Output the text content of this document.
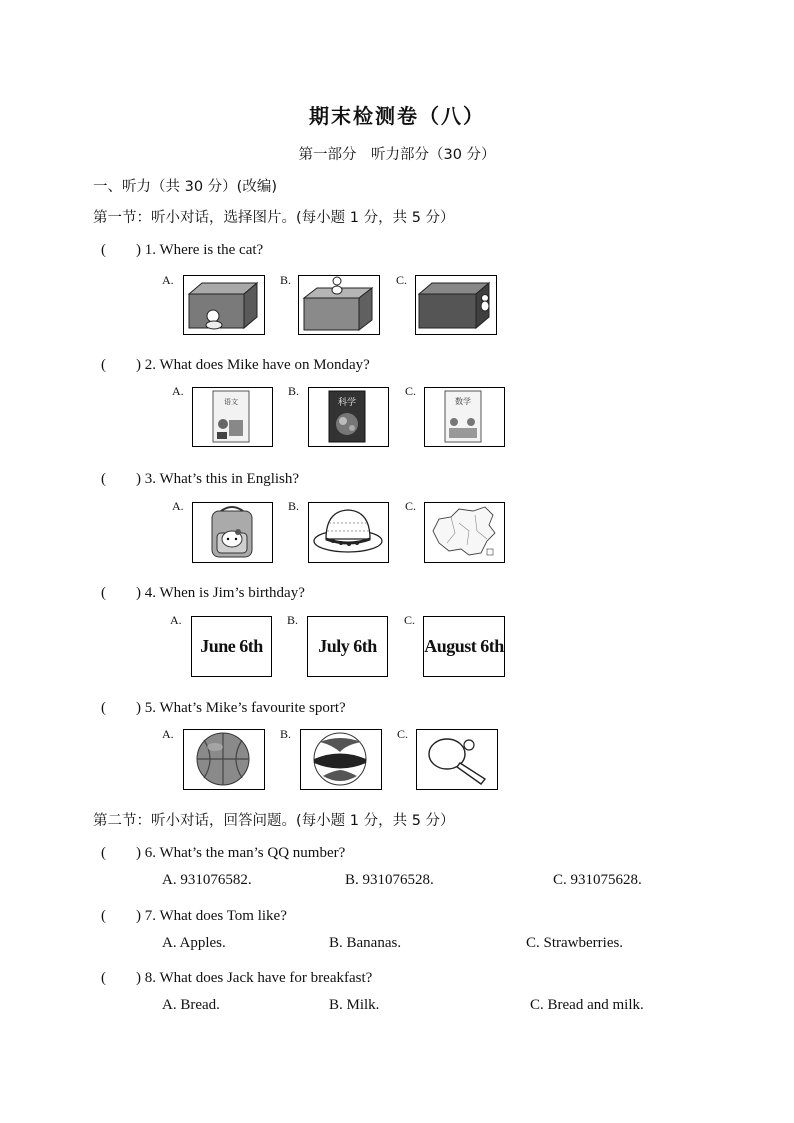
期末检测卷（八）
第一部分　听力部分（30 分）
一、听力（共 30 分）(改编)
第一节：听小对话，选择图片。(每小题 1 分，共 5 分）
(　　) 1. Where is the cat?
A.	B.	C.
(　　) 2. What does Mike have on Monday?
A.
语文
B.
科学
C.
数学
(　　) 3. What’s this in English?
A.	B.	C.
(　　) 4. When is Jim’s birthday?
A.
June 6th
B.
July 6th
C.
August 6th
(　　) 5. What’s Mike’s favourite sport?
A.	B.	C.
第二节：听小对话，回答问题。(每小题 1 分，共 5 分）
(　　) 6. What’s the man’s QQ number?
A. 931076582.	B. 931076528.	C. 931075628.
(　　) 7. What does Tom like?
A. Apples.	B. Bananas.	C. Strawberries.
(　　) 8. What does Jack have for breakfast?
A. Bread.	B. Milk.	C. Bread and milk.
